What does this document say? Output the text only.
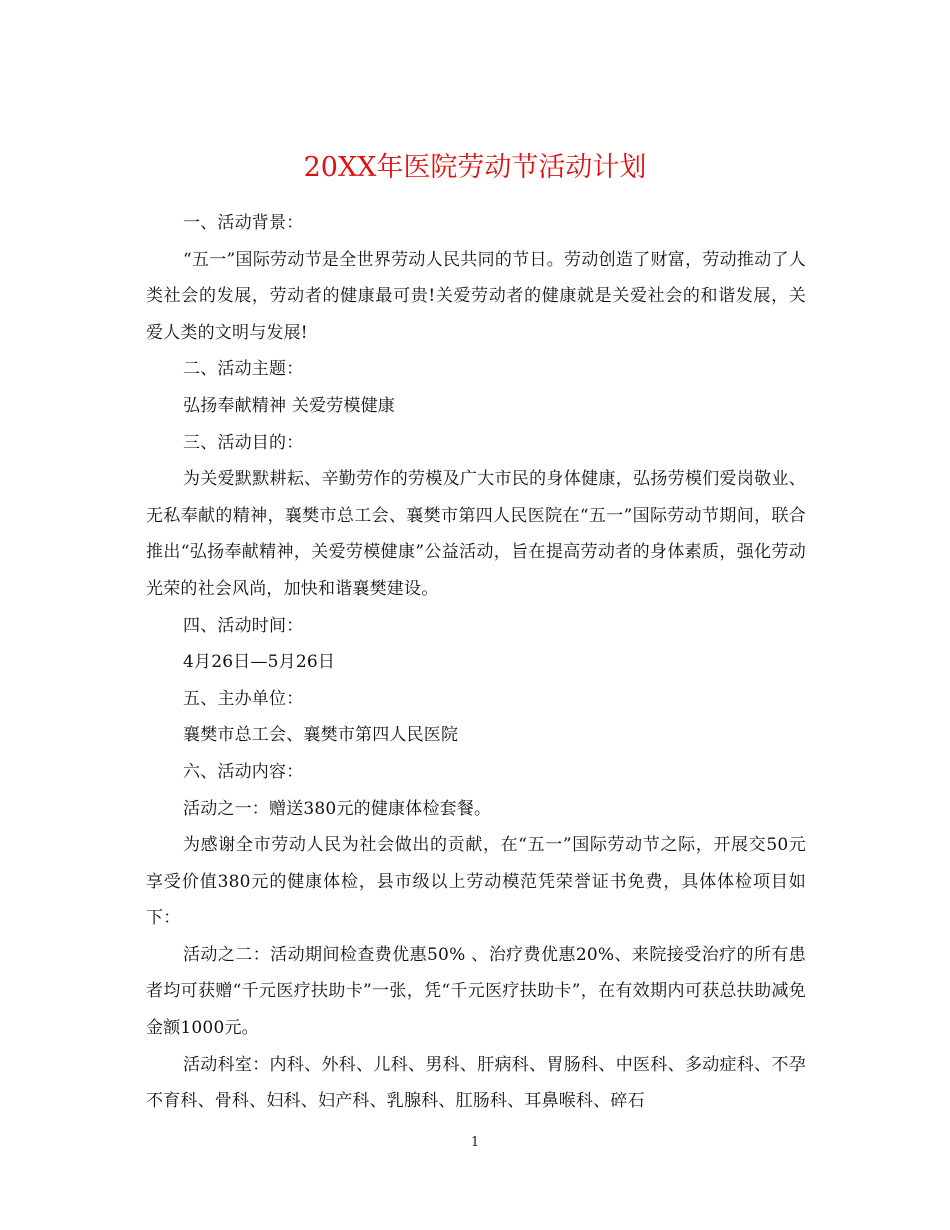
20XX年医院劳动节活动计划

一、活动背景：

“五一”国际劳动节是全世界劳动人民共同的节日。劳动创造了财富，劳动推动了人类社会的发展，劳动者的健康最可贵!关爱劳动者的健康就是关爱社会的和谐发展，关爱人类的文明与发展!

二、活动主题：

弘扬奉献精神 关爱劳模健康

三、活动目的：

为关爱默默耕耘、辛勤劳作的劳模及广大市民的身体健康，弘扬劳模们爱岗敬业、无私奉献的精神，襄樊市总工会、襄樊市第四人民医院在“五一”国际劳动节期间，联合推出“弘扬奉献精神，关爱劳模健康”公益活动，旨在提高劳动者的身体素质，强化劳动光荣的社会风尚，加快和谐襄樊建设。

四、活动时间：

4月26日—5月26日

五、主办单位：

襄樊市总工会、襄樊市第四人民医院

六、活动内容：

活动之一：赠送380元的健康体检套餐。

为感谢全市劳动人民为社会做出的贡献，在“五一”国际劳动节之际，开展交50元享受价值380元的健康体检，县市级以上劳动模范凭荣誉证书免费，具体体检项目如下：

活动之二：活动期间检查费优惠50% 、治疗费优惠20%、来院接受治疗的所有患者均可获赠“千元医疗扶助卡”一张，凭“千元医疗扶助卡”，在有效期内可获总扶助减免金额1000元。

活动科室：内科、外科、儿科、男科、肝病科、胃肠科、中医科、多动症科、不孕不育科、骨科、妇科、妇产科、乳腺科、肛肠科、耳鼻喉科、碎石

1
